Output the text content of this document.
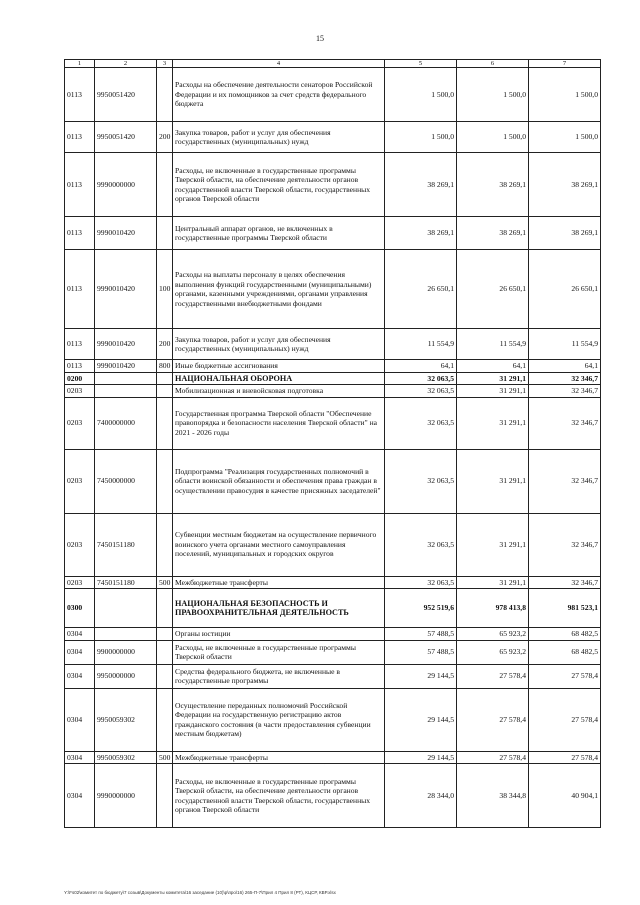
15
1	2	3	4	5	6	7
0113	9950051420		Расходы на обеспечение деятельности сенаторов Российской Федерации и их помощников за счет средств федерального бюджета	1 500,0	1 500,0	1 500,0
0113	9950051420	200	Закупка товаров, работ и услуг для обеспечения государственных (муниципальных) нужд	1 500,0	1 500,0	1 500,0
0113	9990000000		Расходы, не включенные в государственные программы Тверской области, на обеспечение деятельности органов государственной власти Тверской области, государственных органов Тверской области	38 269,1	38 269,1	38 269,1
0113	9990010420		Центральный аппарат органов, не включенных в государственные программы Тверской области	38 269,1	38 269,1	38 269,1
0113	9990010420	100	Расходы на выплаты персоналу в целях обеспечения выполнения функций государственными (муниципальными) органами, казенными учреждениями, органами управления государственными внебюджетными фондами	26 650,1	26 650,1	26 650,1
0113	9990010420	200	Закупка товаров, работ и услуг для обеспечения государственных (муниципальных) нужд	11 554,9	11 554,9	11 554,9
0113	9990010420	800	Иные бюджетные ассигнования	64,1	64,1	64,1
0200			НАЦИОНАЛЬНАЯ ОБОРОНА	32 063,5	31 291,1	32 346,7
0203			Мобилизационная и вневойсковая подготовка	32 063,5	31 291,1	32 346,7
0203	7400000000		Государственная программа Тверской области "Обеспечение правопорядка и безопасности населения Тверской области" на 2021 - 2026 годы	32 063,5	31 291,1	32 346,7
0203	7450000000		Подпрограмма "Реализация государственных полномочий в области воинской обязанности и обеспечения права граждан в осуществлении правосудия в качестве присяжных заседателей"	32 063,5	31 291,1	32 346,7
0203	7450151180		Субвенции местным бюджетам на осуществление первичного воинского учета органами местного самоуправления поселений, муниципальных и городских округов	32 063,5	31 291,1	32 346,7
0203	7450151180	500	Межбюджетные трансферты	32 063,5	31 291,1	32 346,7
0300			НАЦИОНАЛЬНАЯ БЕЗОПАСНОСТЬ И ПРАВООХРАНИТЕЛЬНАЯ ДЕЯТЕЛЬНОСТЬ	952 519,6	978 413,8	981 523,1
0304			Органы юстиции	57 488,5	65 923,2	68 482,5
0304	9900000000		Расходы, не включенные в государственные программы Тверской области	57 488,5	65 923,2	68 482,5
0304	9950000000		Средства федерального бюджета, не включенные в государственные программы	29 144,5	27 578,4	27 578,4
0304	9950059302		Осуществление переданных полномочий Российской Федерации на государственную регистрацию актов гражданского состояния (в части предоставления субвенции местным бюджетам)	29 144,5	27 578,4	27 578,4
0304	9950059302	500	Межбюджетные трансферты	29 144,5	27 578,4	27 578,4
0304	9990000000		Расходы, не включенные в государственные программы Тверской области, на обеспечение деятельности органов государственной власти Тверской области, государственных органов Тверской области	28 344,0	38 344,8	40 904,1
Y:\Fs02\комитет по бюджету\7 созыв\Документы комитета\16 заседание (10)\р\про\16) 265-П-7\Прил 4 Прил 8 (РТ), КЦСР, КВР.xlsx
